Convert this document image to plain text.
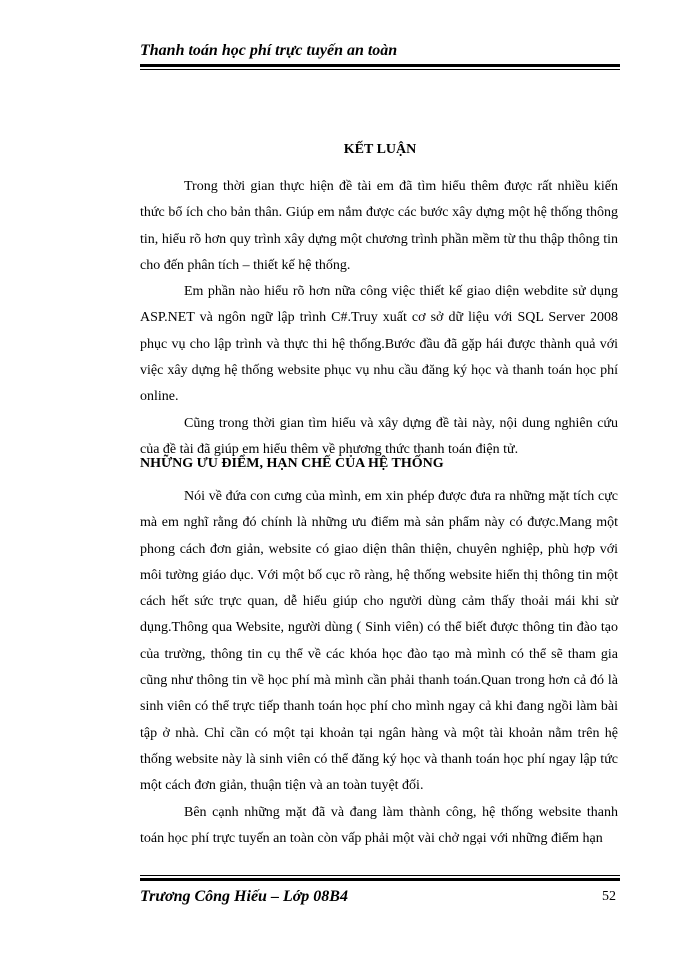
Thanh toán học phí trực tuyến an toàn

KẾT LUẬN

Trong thời gian thực hiện đề tài em đã tìm hiểu thêm được rất nhiều kiến thức bổ ích cho bản thân. Giúp em nắm được các bước xây dựng một hệ thống thông tin, hiểu rõ hơn quy trình xây dựng một chương trình phần mềm từ thu thập thông tin cho đến phân tích – thiết kế hệ thống.

Em phần nào hiểu rõ hơn nữa công việc thiết kế giao diện webdite sử dụng ASP.NET và ngôn ngữ lập trình C#.Truy xuất cơ sở dữ liệu với SQL Server 2008 phục vụ cho lập trình và thực thi hệ thống.Bước đầu đã gặp hái được thành quả với việc xây dựng hệ thống website phục vụ nhu cầu đăng ký học và thanh toán học phí online.

Cũng trong thời gian tìm hiểu và xây dựng đề tài này, nội dung nghiên cứu của đề tài đã giúp em hiểu thêm về phương thức thanh toán điện tử.

NHỮNG ƯU ĐIỂM, HẠN CHẾ CỦA HỆ THỐNG

Nói về đứa con cưng của mình, em xin phép được đưa ra những mặt tích cực mà em nghĩ rằng đó chính là những ưu điểm mà sản phẩm này có được.Mang một phong cách đơn giản, website có giao diện thân thiện, chuyên nghiệp, phù hợp với môi tường giáo dục. Với một bố cục rõ ràng, hệ thống website hiển thị thông tin một cách hết sức trực quan, dễ hiểu giúp cho người dùng cảm thấy thoải mái khi sử dụng.Thông qua Website, người dùng ( Sinh viên) có thể biết được thông tin đào tạo của trường, thông tin cụ thể về các khóa học đào tạo mà mình có thể sẽ tham gia cũng như thông tin về học phí mà mình cần phải thanh toán.Quan trong hơn cả đó là sinh viên có thể trực tiếp thanh toán học phí cho mình ngay cả khi đang ngồi làm bài tập ở nhà. Chỉ cần có một tại khoản tại ngân hàng và một tài khoản nằm trên hệ thống website này là sinh viên có thể đăng ký học và thanh toán học phí ngay lập tức một cách đơn giản, thuận tiện và an toàn tuyệt đối.

Bên cạnh những mặt đã và đang làm thành công, hệ thống website thanh toán học phí trực tuyến an toàn còn vấp phải một vài chở ngại với những điểm hạn

Trương Công Hiếu – Lớp 08B4	52
